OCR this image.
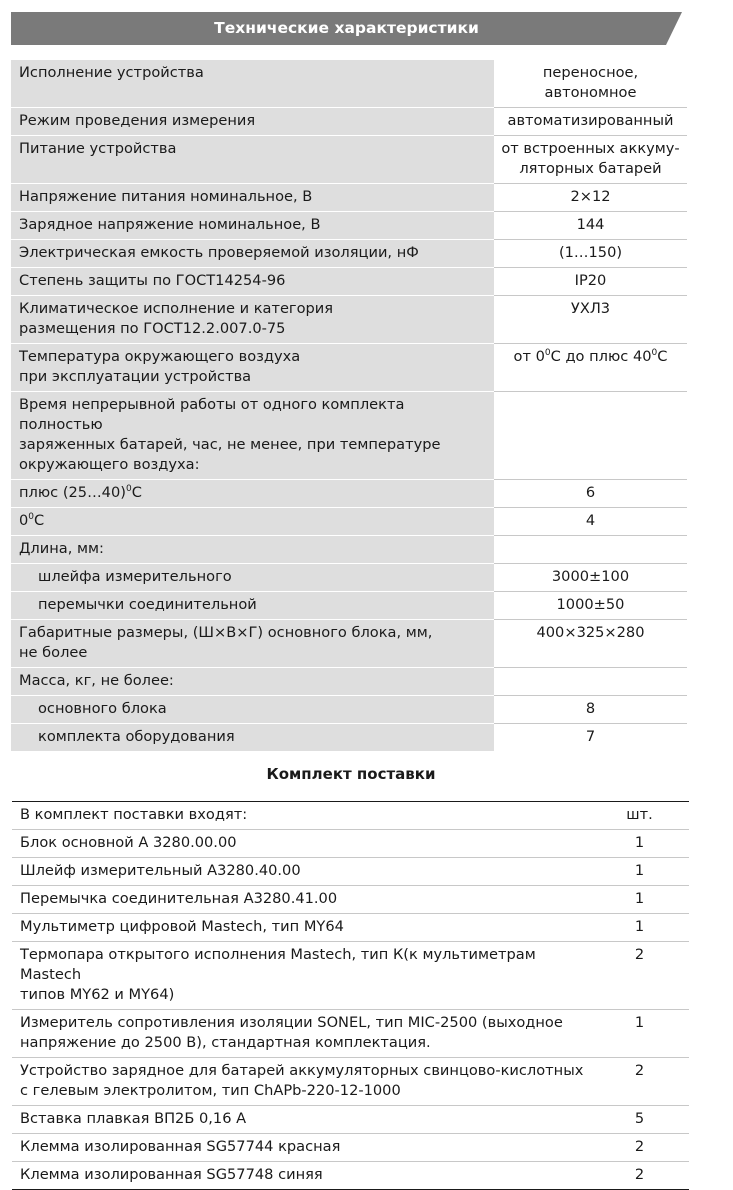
Технические характеристики
Исполнение устройства	переносное,
автономное
Режим проведения измерения	автоматизированный
Питание устройства	от встроенных аккуму-
ляторных батарей
Напряжение питания номинальное, В	2×12
Зарядное напряжение номинальное, В	144
Электрическая емкость проверяемой изоляции, нФ	(1…150)
Степень защиты по ГОСТ14254-96	IP20
Климатическое исполнение и категория
размещения по ГОСТ12.2.007.0-75	УХЛ3
Температура окружающего воздуха
при эксплуатации устройства	от $0^0С$ до плюс $40^0С$
Время непрерывной работы от одного комплекта полностью
заряженных батарей, час, не менее, при температуре
окружающего воздуха:	
плюс (25…40)$^0$С	6
$0^0С$	4
Длина, мм:	
шлейфа измерительного	3000±100
перемычки соединительной	1000±50
Габаритные размеры, (Ш×В×Г) основного блока, мм,
не более	400×325×280
Масса, кг, не более:	
основного блока	8
комплекта оборудования	7
Комплект поставки
В комплект поставки входят:	шт.
Блок основной А 3280.00.00	1
Шлейф измерительный А3280.40.00	1
Перемычка соединительная А3280.41.00	1
Мультиметр цифровой Mastech, тип MY64	1
Термопара открытого исполнения Mastech, тип К(к мультиметрам Mastech
типов MY62 и MY64)	2
Измеритель сопротивления изоляции SONEL, тип MIC-2500 (выходное
напряжение до 2500 В), стандартная комплектация.	1
Устройство зарядное для батарей аккумуляторных свинцово-кислотных
с гелевым электролитом, тип ChAPb-220-12-1000	2
Вставка плавкая ВП2Б 0,16 А	5
Клемма изолированная SG57744 красная	2
Клемма изолированная SG57748 синяя	2
